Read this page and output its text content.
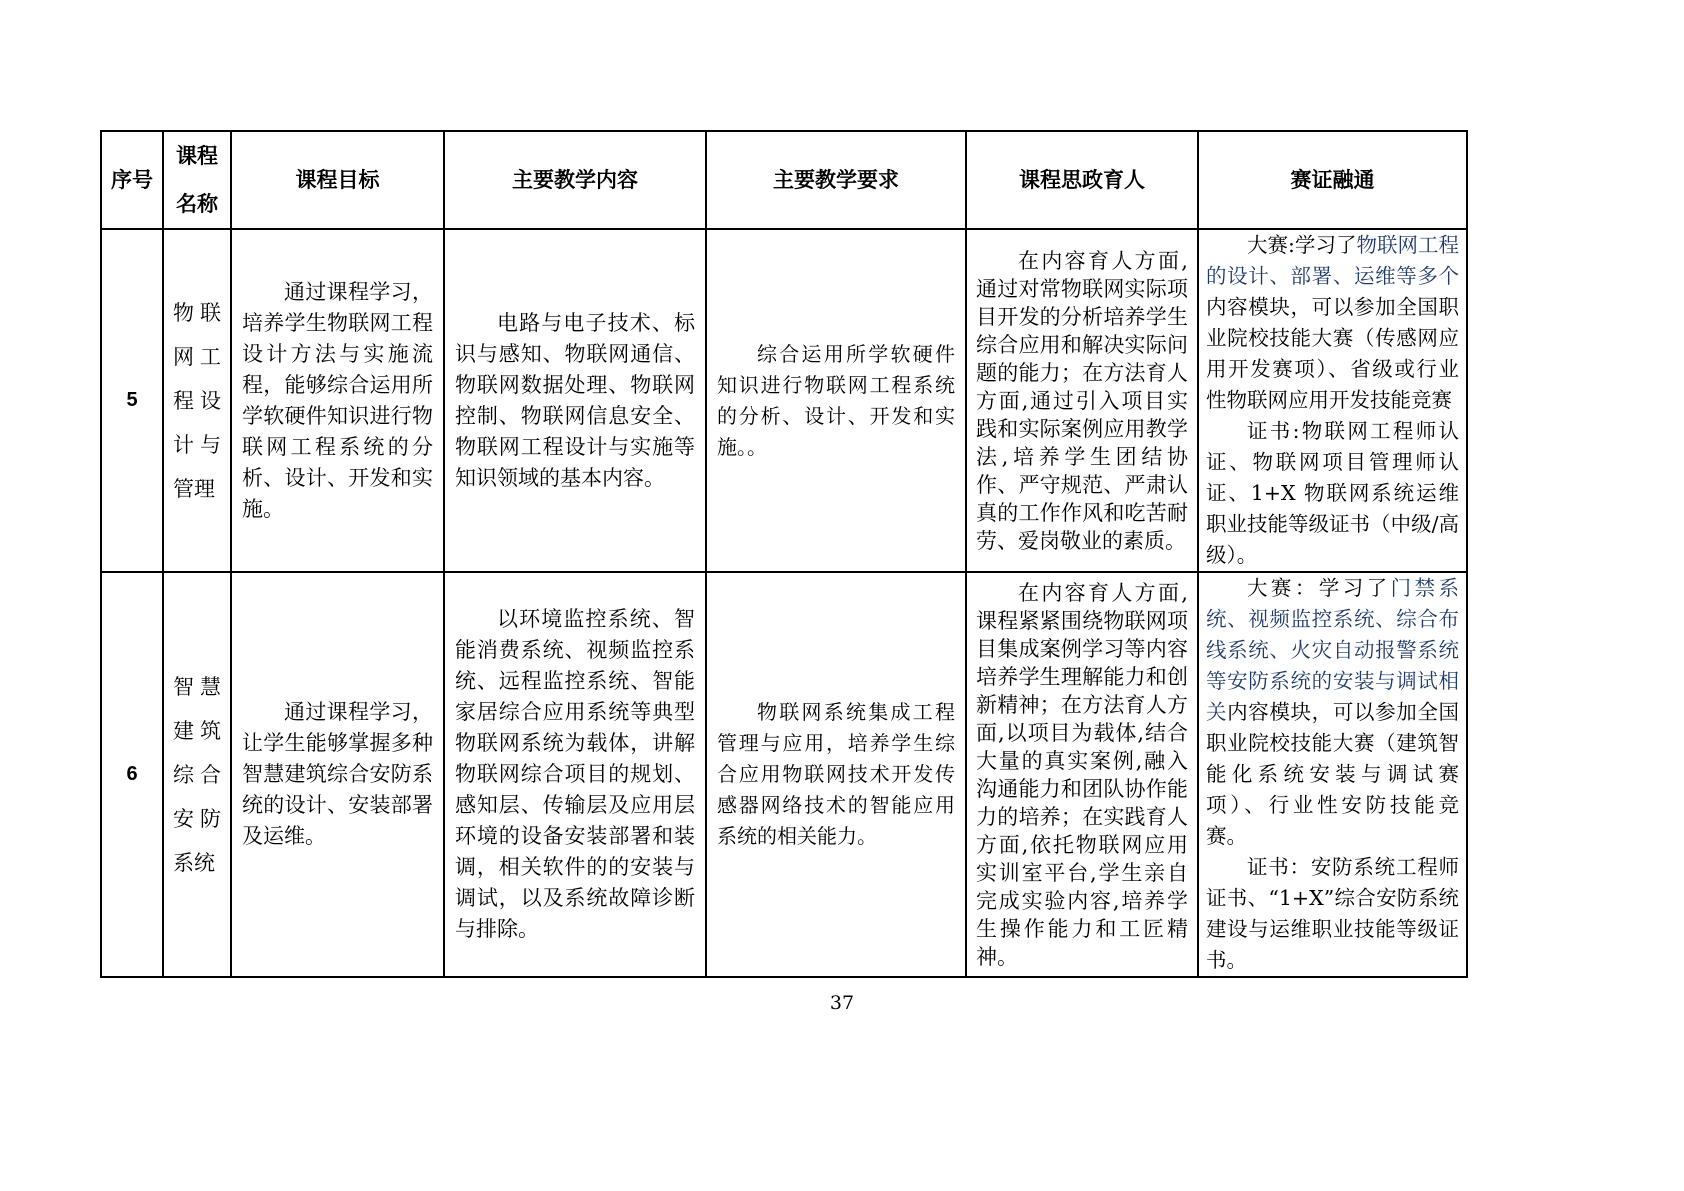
序号	课程名称	课程目标	主要教学内容	主要教学要求	课程思政育人	赛证融通
5	物联网工程设计与管理	通过课程学习，培养学生物联网工程设计方法与实施流程，能够综合运用所学软硬件知识进行物联网工程系统的分析、设计、开发和实施。	电路与电子技术、标识与感知、物联网通信、物联网数据处理、物联网控制、物联网信息安全、物联网工程设计与实施等知识领域的基本内容。	综合运用所学软硬件知识进行物联网工程系统的分析、设计、开发和实施。。	在内容育人方面,通过对常物联网实际项目开发的分析培养学生综合应用和解决实际问题的能力；在方法育人方面,通过引入项目实践和实际案例应用教学法,培养学生团结协作、严守规范、严肃认真的工作作风和吃苦耐劳、爱岗敬业的素质。	大赛:学习了物联网工程的设计、部署、运维等多个内容模块，可以参加全国职业院校技能大赛（传感网应用开发赛项）、省级或行业性物联网应用开发技能竞赛

证书:物联网工程师认证、物联网项目管理师认证、1+X 物联网系统运维职业技能等级证书（中级/高级）。

6	智慧建筑综合安防系统	通过课程学习，让学生能够掌握多种智慧建筑综合安防系统的设计、安装部署及运维。	以环境监控系统、智能消费系统、视频监控系统、远程监控系统、智能家居综合应用系统等典型物联网系统为载体，讲解物联网综合项目的规划、感知层、传输层及应用层环境的设备安装部署和装调，相关软件的的安装与调试，以及系统故障诊断与排除。	物联网系统集成工程管理与应用，培养学生综合应用物联网技术开发传感器网络技术的智能应用系统的相关能力。	在内容育人方面,课程紧紧围绕物联网项目集成案例学习等内容培养学生理解能力和创新精神；在方法育人方面,以项目为载体,结合大量的真实案例,融入沟通能力和团队协作能力的培养；在实践育人方面,依托物联网应用实训室平台,学生亲自完成实验内容,培养学生操作能力和工匠精神。	大赛：学习了门禁系统、视频监控系统、综合布线系统、火灾自动报警系统等安防系统的安装与调试相关内容模块，可以参加全国职业院校技能大赛（建筑智能化系统安装与调试赛项）、行业性安防技能竞赛。

证书：安防系统工程师证书、“1+X”综合安防系统建设与运维职业技能等级证书。

37
